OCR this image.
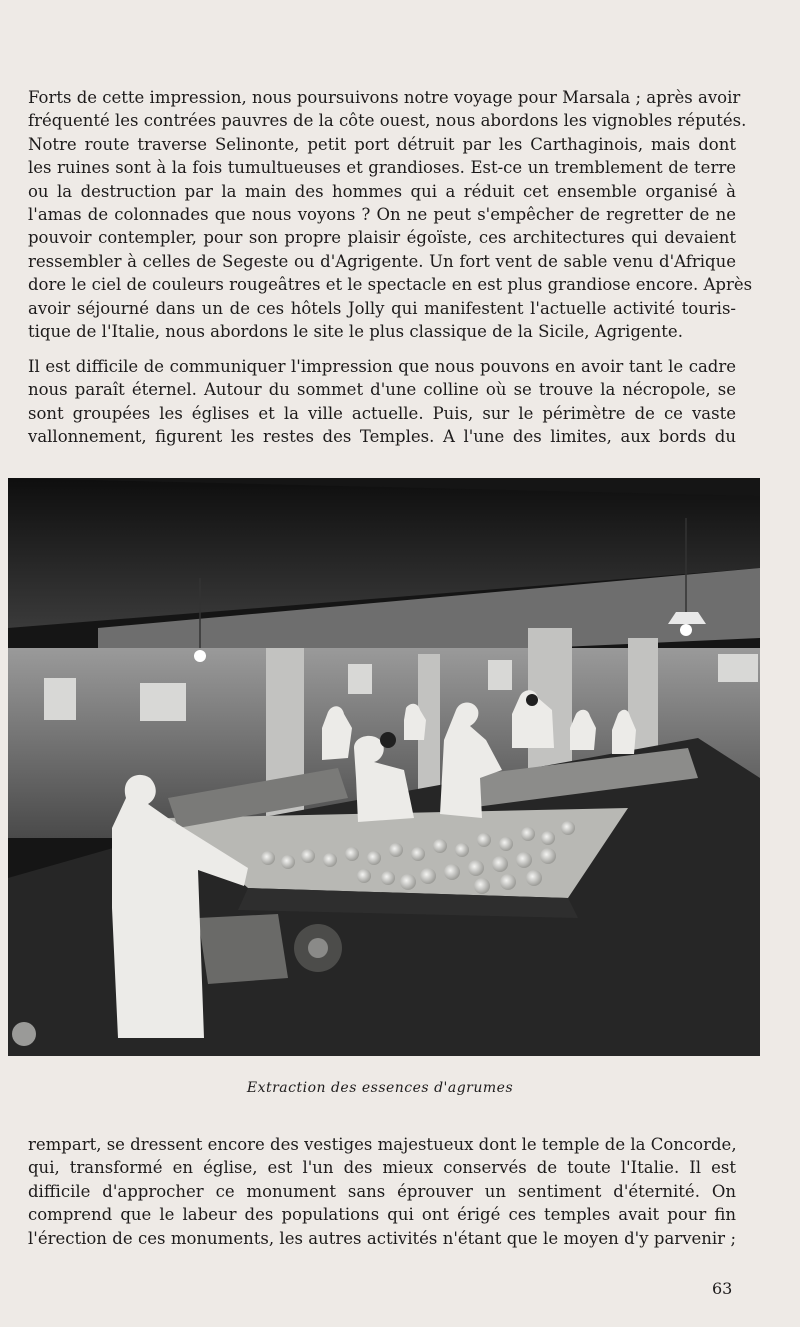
Forts de cette impression, nous poursuivons notre voyage pour Marsala ; après avoir
fréquenté les contrées pauvres de la côte ouest, nous abordons les vignobles réputés.
Notre route traverse Selinonte, petit port détruit par les Carthaginois, mais dont
les ruines sont à la fois tumultueuses et grandioses. Est-ce un tremblement de terre
ou la destruction par la main des hommes qui a réduit cet ensemble organisé à
l'amas de colonnades que nous voyons ? On ne peut s'empêcher de regretter de ne
pouvoir contempler, pour son propre plaisir égoïste, ces architectures qui devaient
ressembler à celles de Segeste ou d'Agrigente. Un fort vent de sable venu d'Afrique
dore le ciel de couleurs rougeâtres et le spectacle en est plus grandiose encore. Après
avoir séjourné dans un de ces hôtels Jolly qui manifestent l'actuelle activité touris-
tique de l'Italie, nous abordons le site le plus classique de la Sicile, Agrigente.

Il est difficile de communiquer l'impression que nous pouvons en avoir tant le cadre
nous paraît éternel. Autour du sommet d'une colline où se trouve la nécropole, se
sont groupées les églises et la ville actuelle. Puis, sur le périmètre de ce vaste
vallonnement, figurent les restes des Temples. A l'une des limites, aux bords du

Extraction des essences d'agrumes

rempart, se dressent encore des vestiges majestueux dont le temple de la Concorde,
qui, transformé en église, est l'un des mieux conservés de toute l'Italie. Il est
difficile d'approcher ce monument sans éprouver un sentiment d'éternité. On
comprend que le labeur des populations qui ont érigé ces temples avait pour fin
l'érection de ces monuments, les autres activités n'étant que le moyen d'y parvenir ;

63
